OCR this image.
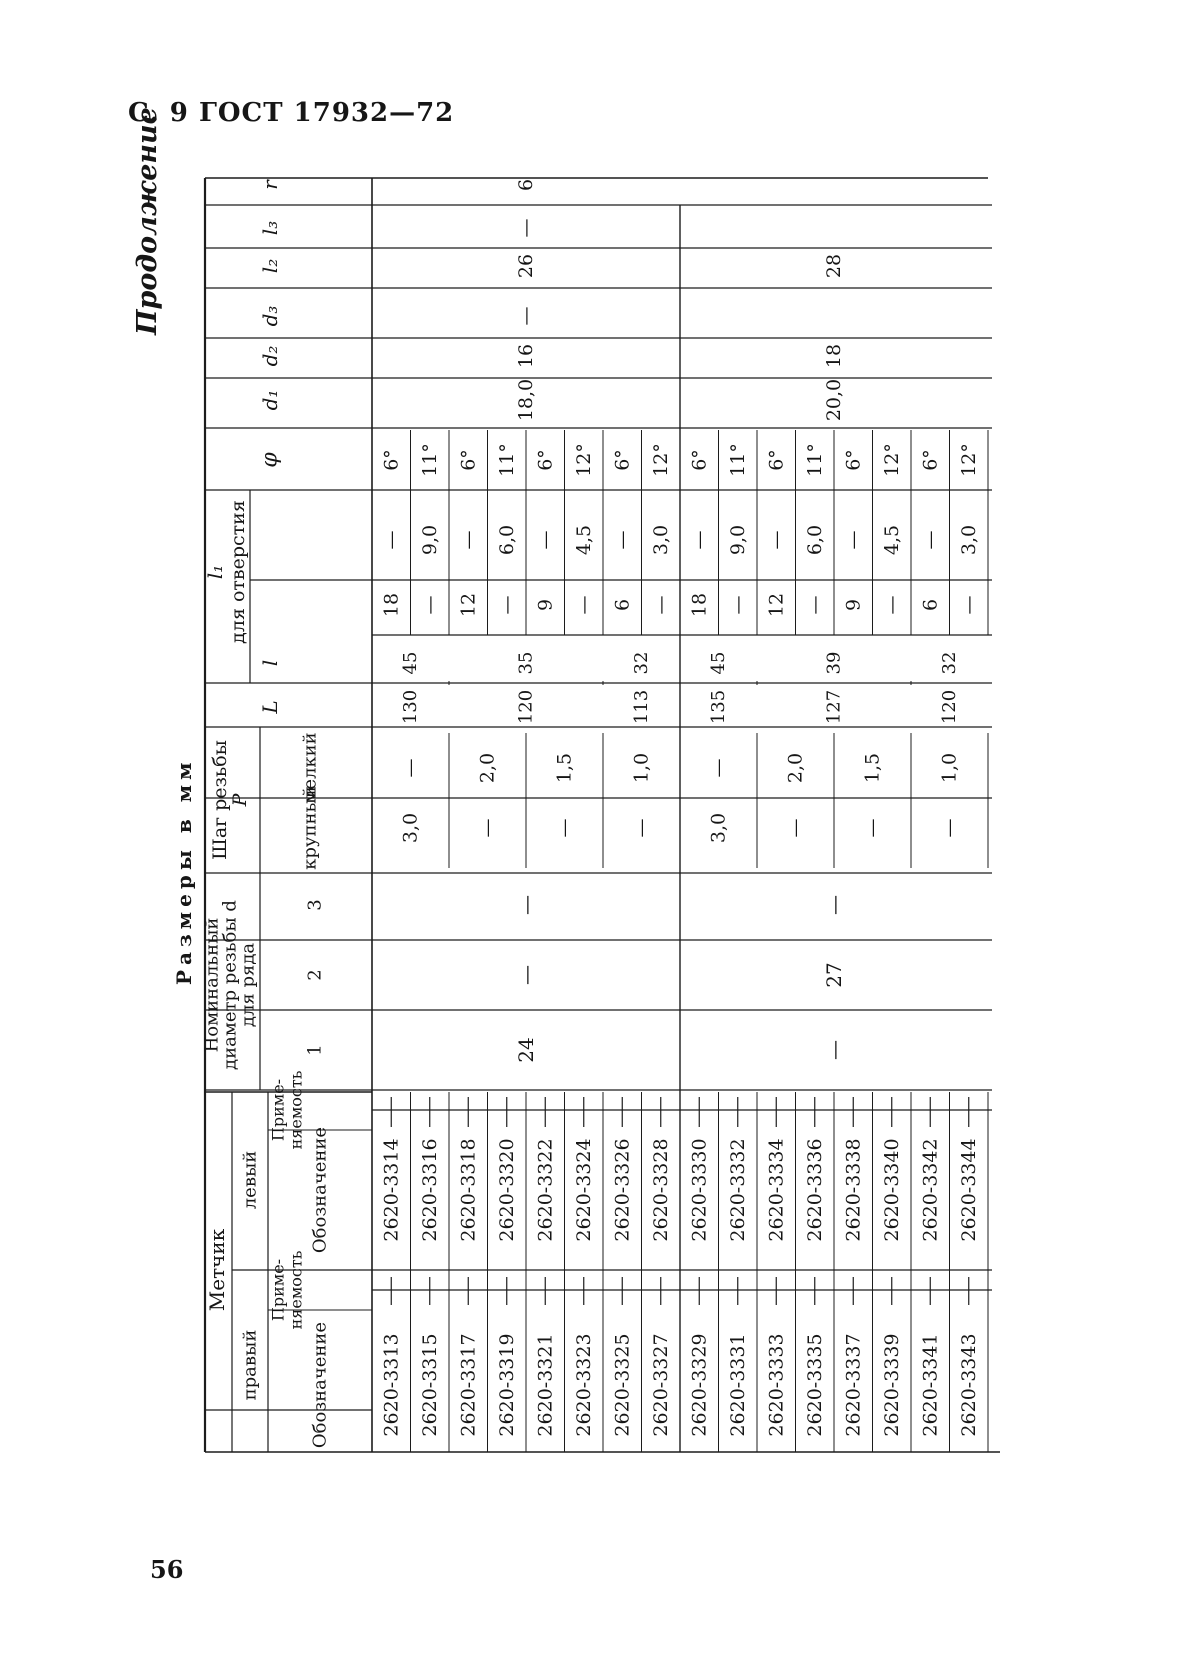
С. 9 ГОСТ 17932—72
Продолжение
Размеры в мм
56
r
l₃
l₂
d₃
d₂
d₁
φ
l₁ для отверстия
l
L
Шаг резьбы
P	мелкий
крупный
Номинальный
диаметр резьбы d
для ряда
3
2
1
Метчик
левый
правый
Обозначение
Обозначение
Приме- няемость
Приме- няемость
2620-3313
2620-3314
6°
—
18
3,0
—
2620-3315
2620-3316
11°
9,0
—
2620-3317
2620-3318
6°
—
12
—
2,0
2620-3319
2620-3320
11°
6,0
—
2620-3321
2620-3322
6°
—
9
—
1,5
2620-3323
2620-3324
12°
4,5
—
2620-3325
2620-3326
6°
—
6
—
1,0
2620-3327
2620-3328
12°
3,0
—
2620-3329
2620-3330
6°
—
18
3,0
—
2620-3331
2620-3332
11°
9,0
—
2620-3333
2620-3334
6°
—
12
—
2,0
2620-3335
2620-3336
11°
6,0
—
2620-3337
2620-3338
6°
—
9
—
1,5
2620-3339
2620-3340
12°
4,5
—
2620-3341
2620-3342
6°
—
6
—
1,0
2620-3343
2620-3344
12°
3,0
—
24
—
—
18,0
16
—
26
—
6
130
45
120
35
113
32
—
27
—
20,0
18
28
135
45
127
39
120
32
